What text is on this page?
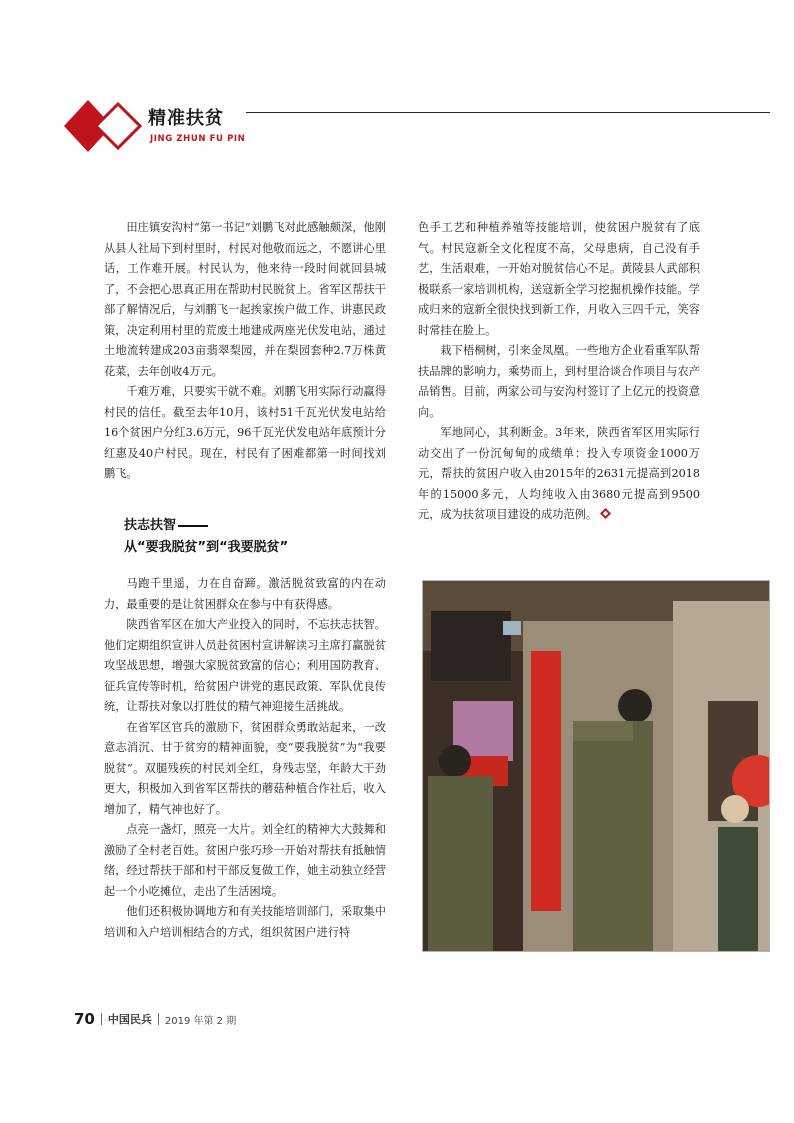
精准扶贫
JING ZHUN FU PIN

田庄镇安沟村“第一书记”刘鹏飞对此感触颇深，他刚从县人社局下到村里时，村民对他敬而远之，不愿讲心里话，工作难开展。村民认为，他来待一段时间就回县城了，不会把心思真正用在帮助村民脱贫上。省军区帮扶干部了解情况后，与刘鹏飞一起挨家挨户做工作、讲惠民政策，决定利用村里的荒废土地建成两座光伏发电站，通过土地流转建成203亩翡翠梨园，并在梨园套种2.7万株黄花菜，去年创收4万元。

千难万难，只要实干就不难。刘鹏飞用实际行动赢得村民的信任。截至去年10月，该村51千瓦光伏发电站给16个贫困户分红3.6万元，96千瓦光伏发电站年底预计分红惠及40户村民。现在，村民有了困难都第一时间找刘鹏飞。

色手工艺和种植养殖等技能培训，使贫困户脱贫有了底气。村民寇新全文化程度不高，父母患病，自己没有手艺，生活艰难，一开始对脱贫信心不足。黄陵县人武部积极联系一家培训机构，送寇新全学习挖掘机操作技能。学成归来的寇新全很快找到新工作，月收入三四千元，笑容时常挂在脸上。

栽下梧桐树，引来金凤凰。一些地方企业看重军队帮扶品牌的影响力，乘势而上，到村里洽谈合作项目与农产品销售。目前，两家公司与安沟村签订了上亿元的投资意向。

军地同心，其利断金。3年来，陕西省军区用实际行动交出了一份沉甸甸的成绩单：投入专项资金1000万元，帮扶的贫困户收入由2015年的2631元提高到2018年的15000多元，人均纯收入由3680元提高到9500元，成为扶贫项目建设的成功范例。

扶志扶智
从“要我脱贫”到“我要脱贫”

马跑千里遥，力在自奋蹄。激活脱贫致富的内在动力，最重要的是让贫困群众在参与中有获得感。

陕西省军区在加大产业投入的同时，不忘扶志扶智。他们定期组织宣讲人员赴贫困村宣讲解读习主席打赢脱贫攻坚战思想，增强大家脱贫致富的信心；利用国防教育、征兵宣传等时机，给贫困户讲党的惠民政策、军队优良传统，让帮扶对象以打胜仗的精气神迎接生活挑战。

在省军区官兵的激励下，贫困群众勇敢站起来，一改意志消沉、甘于贫穷的精神面貌，变“要我脱贫”为“我要脱贫”。双腿残疾的村民刘全红，身残志坚，年龄大干劲更大，积极加入到省军区帮扶的蘑菇种植合作社后，收入增加了，精气神也好了。

点亮一盏灯，照亮一大片。刘全红的精神大大鼓舞和激励了全村老百姓。贫困户张巧珍一开始对帮扶有抵触情绪，经过帮扶干部和村干部反复做工作，她主动独立经营起一个小吃摊位，走出了生活困境。

他们还积极协调地方和有关技能培训部门，采取集中培训和入户培训相结合的方式，组织贫困户进行特

70 中国民兵 2019 年第 2 期
